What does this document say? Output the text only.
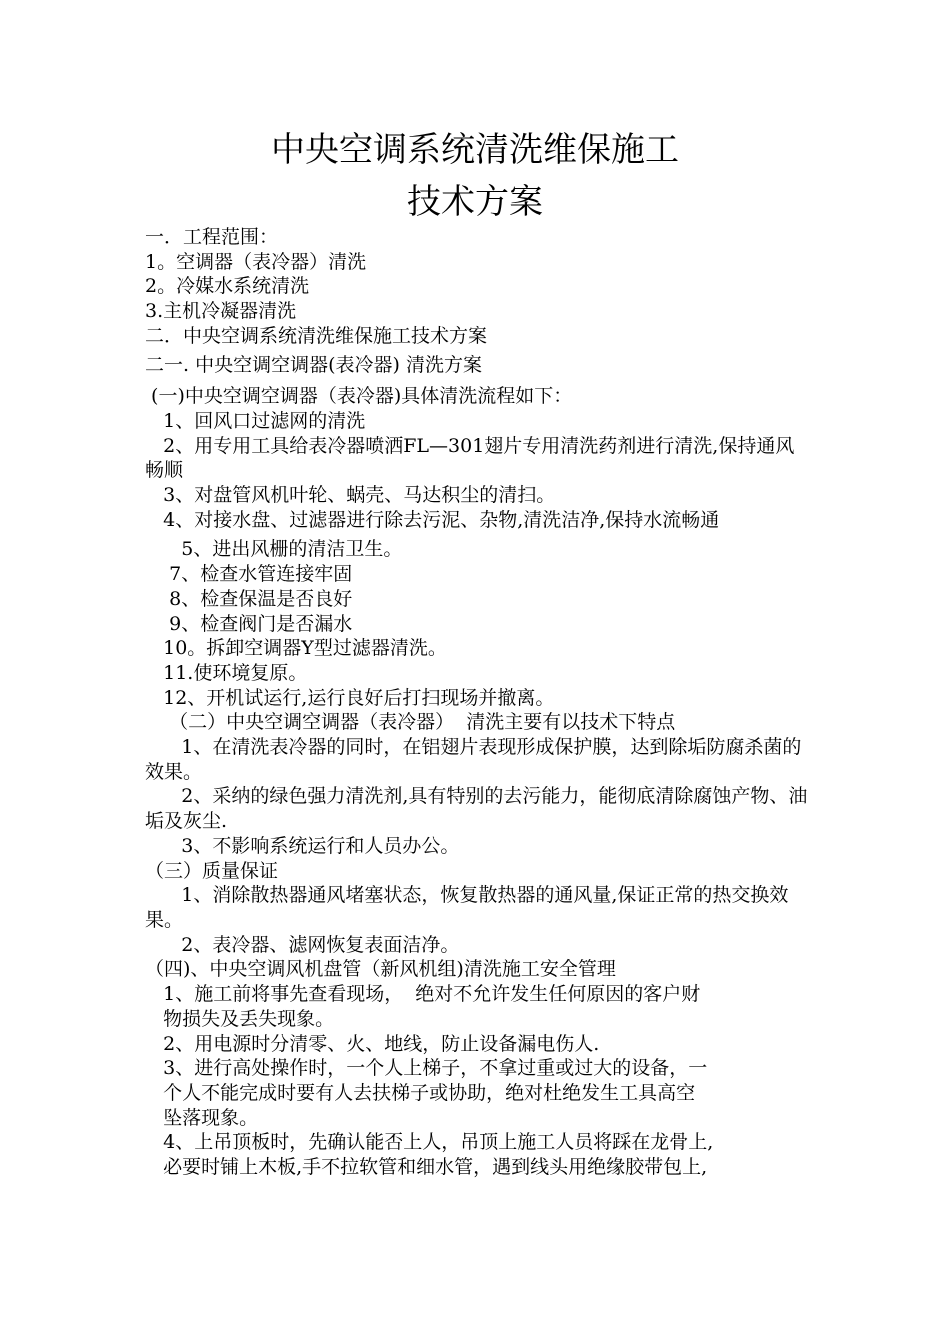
中央空调系统清洗维保施工
技术方案

一．工程范围：

1。空调器（表冷器）清洗

2。冷媒水系统清洗

3.主机冷凝器清洗

二．中央空调系统清洗维保施工技术方案

二一. 中央空调空调器(表冷器) 清洗方案

(一)中央空调空调器（表冷器)具体清洗流程如下：

1、回风口过滤网的清洗

2、用专用工具给表冷器喷洒FL—301翅片专用清洗药剂进行清洗,保持通风畅顺

3、对盘管风机叶轮、蜗壳、马达积尘的清扫。

4、对接水盘、过滤器进行除去污泥、杂物,清洗洁净,保持水流畅通

5、进出风栅的清洁卫生。

7、检查水管连接牢固

8、检查保温是否良好

9、检查阀门是否漏水

10。拆卸空调器Y型过滤器清洗。

11.使环境复原。

12、开机试运行,运行良好后打扫现场并撤离。

（二）中央空调空调器（表冷器）  清洗主要有以技术下特点

1、在清洗表冷器的同时，在铝翅片表现形成保护膜，达到除垢防腐杀菌的效果。

2、采纳的绿色强力清洗剂,具有特别的去污能力，能彻底清除腐蚀产物、油垢及灰尘.

3、不影响系统运行和人员办公。

（三）质量保证

1、消除散热器通风堵塞状态，恢复散热器的通风量,保证正常的热交换效果。

2、表冷器、滤网恢复表面洁净。

（四)、中央空调风机盘管（新风机组)清洗施工安全管理

1、施工前将事先查看现场，  绝对不允许发生任何原因的客户财

物损失及丢失现象。

2、用电源时分清零、火、地线，防止设备漏电伤人.

3、进行高处操作时，一个人上梯子，不拿过重或过大的设备，一

个人不能完成时要有人去扶梯子或协助，绝对杜绝发生工具高空

坠落现象。

4、上吊顶板时，先确认能否上人，吊顶上施工人员将踩在龙骨上,

必要时铺上木板,手不拉软管和细水管，遇到线头用绝缘胶带包上,
